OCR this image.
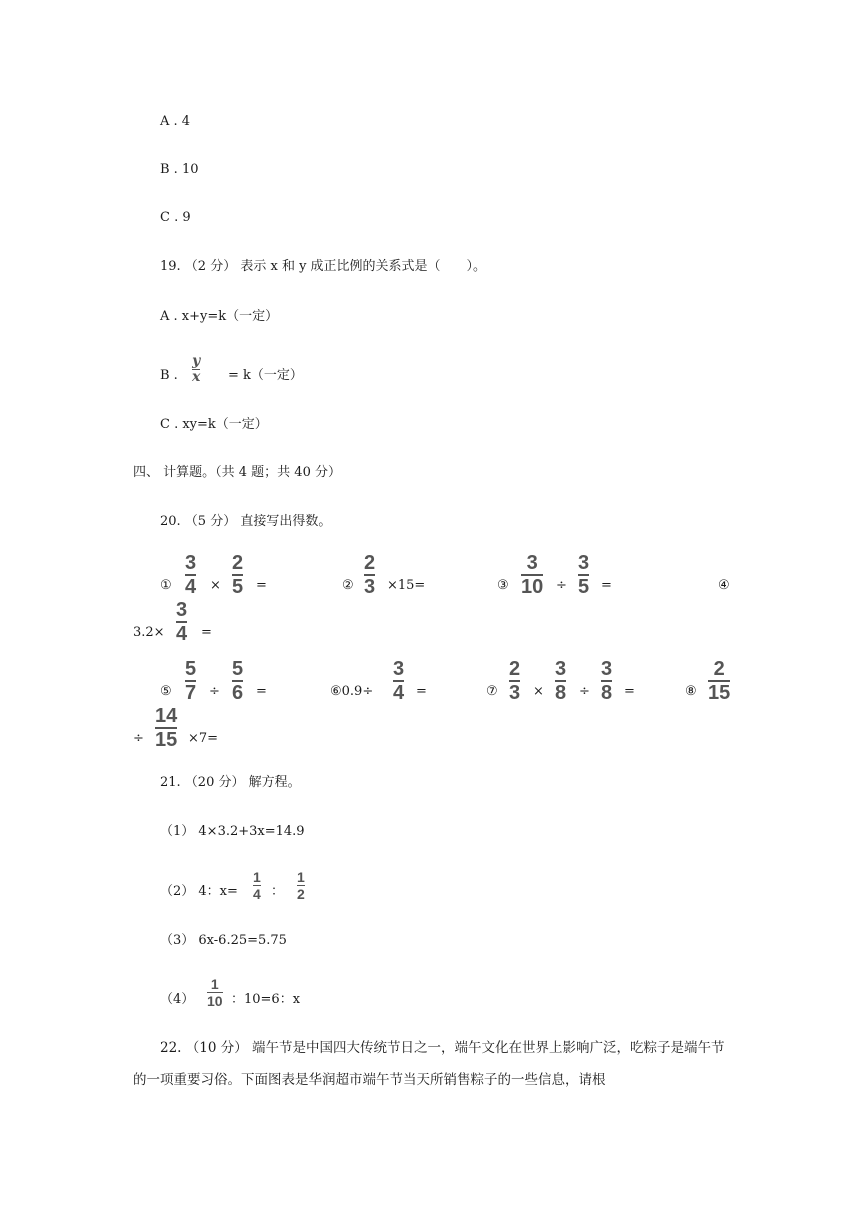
A . 4
B . 10
C . 9
19. （2 分） 表示 x 和 y 成正比例的关系式是（　　）。
A . x+y=k（一定）
B .
y
x = k（一定）
C . xy=k（一定）
四、 计算题。（共 4 题；共 40 分）
20. （5 分） 直接写出得数。
①
3
4 ×
2
5 =	②
2
3 ×15=	③
3
10 ÷
3
5 =	④
3.2×
3
4 =
⑤
5
7 ÷
5
6 =	⑥0.9÷
3
4 =	⑦
2
3 ×
3
8 ÷
3
8 =	⑧
2
15
÷
14
15 ×7=
21. （20 分） 解方程。
（1） 4×3.2+3x=14.9
（2） 4：x=
1
4 ：
1
2
（3） 6x-6.25=5.75
（4）
1
10 ：10=6：x
22. （10 分） 端午节是中国四大传统节日之一，端午文化在世界上影响广泛，吃粽子是端午节的一项重要习俗。下面图表是华润超市端午节当天所销售粽子的一些信息，请根
